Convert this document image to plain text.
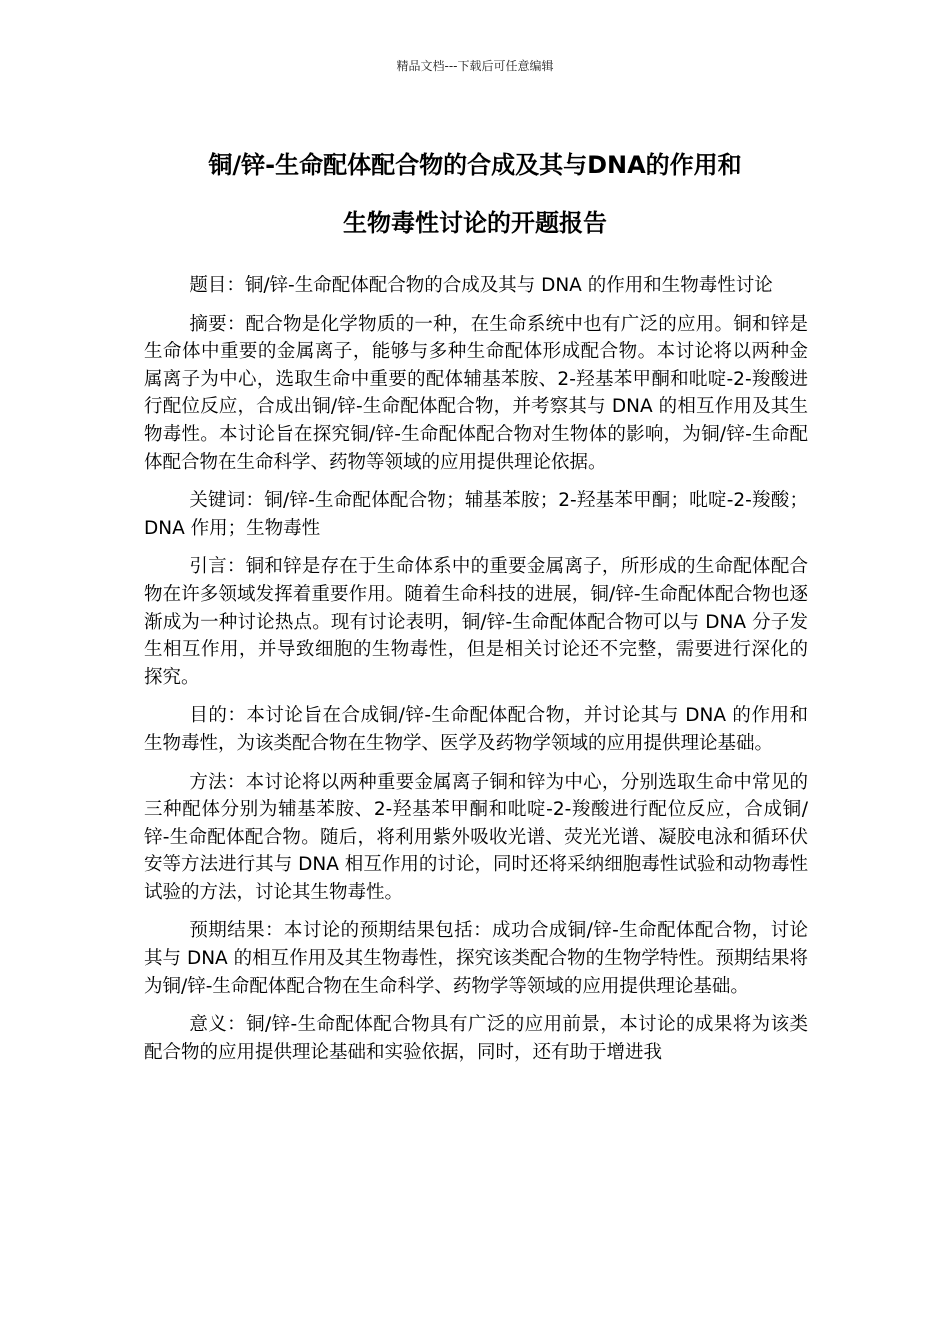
精品文档---下载后可任意编辑
铜/锌-生命配体配合物的合成及其与DNA的作用和
生物毒性讨论的开题报告

题目：铜/锌-生命配体配合物的合成及其与 DNA 的作用和生物毒性讨论

摘要：配合物是化学物质的一种，在生命系统中也有广泛的应用。铜和锌是生命体中重要的金属离子，能够与多种生命配体形成配合物。本讨论将以两种金属离子为中心，选取生命中重要的配体辅基苯胺、2-羟基苯甲酮和吡啶-2-羧酸进行配位反应，合成出铜/锌-生命配体配合物，并考察其与 DNA 的相互作用及其生物毒性。本讨论旨在探究铜/锌-生命配体配合物对生物体的影响，为铜/锌-生命配体配合物在生命科学、药物等领域的应用提供理论依据。

关键词：铜/锌-生命配体配合物；辅基苯胺；2-羟基苯甲酮；吡啶-2-羧酸；DNA 作用；生物毒性

引言：铜和锌是存在于生命体系中的重要金属离子，所形成的生命配体配合物在许多领域发挥着重要作用。随着生命科技的进展，铜/锌-生命配体配合物也逐渐成为一种讨论热点。现有讨论表明，铜/锌-生命配体配合物可以与 DNA 分子发生相互作用，并导致细胞的生物毒性，但是相关讨论还不完整，需要进行深化的探究。

目的：本讨论旨在合成铜/锌-生命配体配合物，并讨论其与 DNA 的作用和生物毒性，为该类配合物在生物学、医学及药物学领域的应用提供理论基础。

方法：本讨论将以两种重要金属离子铜和锌为中心，分别选取生命中常见的三种配体分别为辅基苯胺、2-羟基苯甲酮和吡啶-2-羧酸进行配位反应，合成铜/锌-生命配体配合物。随后，将利用紫外吸收光谱、荧光光谱、凝胶电泳和循环伏安等方法进行其与 DNA 相互作用的讨论，同时还将采纳细胞毒性试验和动物毒性试验的方法，讨论其生物毒性。

预期结果：本讨论的预期结果包括：成功合成铜/锌-生命配体配合物，讨论其与 DNA 的相互作用及其生物毒性，探究该类配合物的生物学特性。预期结果将为铜/锌-生命配体配合物在生命科学、药物学等领域的应用提供理论基础。

意义：铜/锌-生命配体配合物具有广泛的应用前景，本讨论的成果将为该类配合物的应用提供理论基础和实验依据，同时，还有助于增进我
